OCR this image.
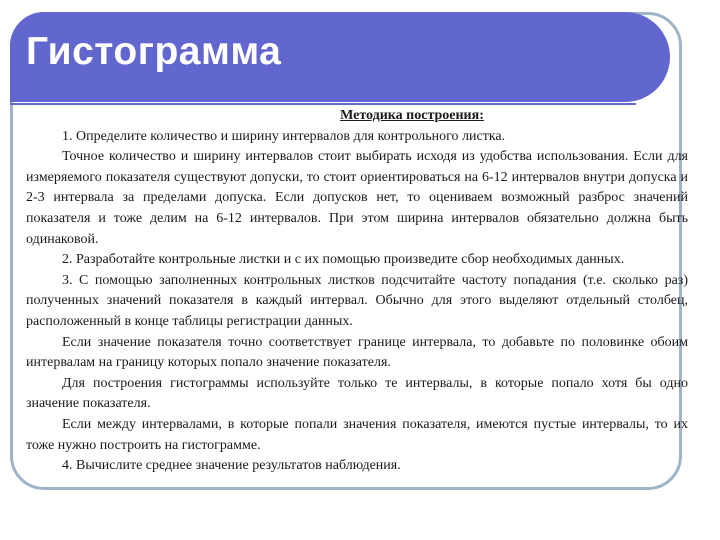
Гистограмма

Методика построения:

1. Определите количество и ширину интервалов для контрольного листка.

Точное количество и ширину интервалов стоит выбирать исходя из удобства использования. Если для измеряемого показателя существуют допуски, то стоит ориентироваться на 6-12 интервалов внутри допуска и 2-3 интервала за пределами допуска. Если допусков нет, то оцениваем возможный разброс значений показателя и тоже делим на 6-12 интервалов. При этом ширина интервалов обязательно должна быть одинаковой.

2. Разработайте контрольные листки и с их помощью произведите сбор необходимых данных.

3. С помощью заполненных контрольных листков подсчитайте частоту попадания (т.е. сколько раз) полученных значений показателя в каждый интервал. Обычно для этого выделяют отдельный столбец, расположенный в конце таблицы регистрации данных.

Если значение показателя точно соответствует границе интервала, то добавьте по половинке обоим интервалам на границу которых попало значение показателя.

Для построения гистограммы используйте только те интервалы, в которые попало хотя бы одно значение показателя.

Если между интервалами, в которые попали значения показателя, имеются пустые интервалы, то их тоже нужно построить на гистограмме.

4. Вычислите среднее значение результатов наблюдения.
